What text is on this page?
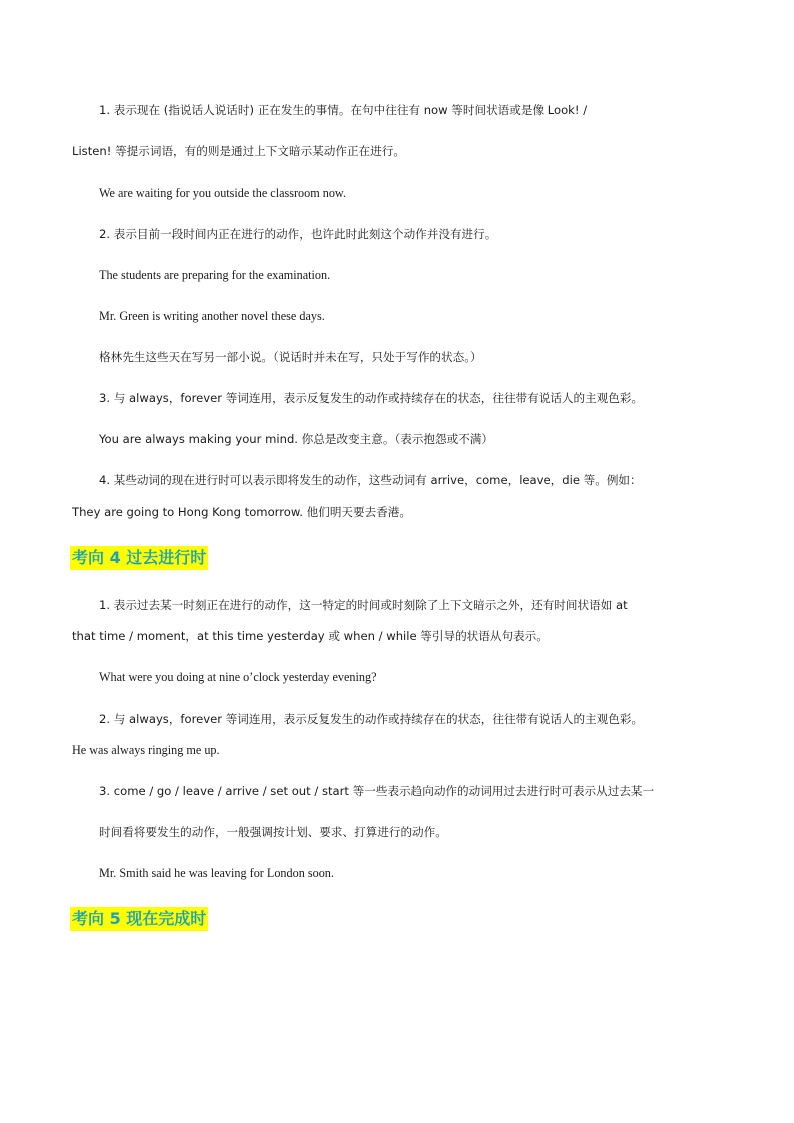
1. 表示现在 (指说话人说话时) 正在发生的事情。在句中往往有 now 等时间状语或是像 Look! /
Listen! 等提示词语，有的则是通过上下文暗示某动作正在进行。
We are waiting for you outside the classroom now.
2. 表示目前一段时间内正在进行的动作，也许此时此刻这个动作并没有进行。
The students are preparing for the examination.
Mr. Green is writing another novel these days.
格林先生这些天在写另一部小说。（说话时并未在写，只处于写作的状态。）
3. 与 always，forever 等词连用，表示反复发生的动作或持续存在的状态，往往带有说话人的主观色彩。
You are always making your mind. 你总是改变主意。（表示抱怨或不满）
4. 某些动词的现在进行时可以表示即将发生的动作，这些动词有 arrive，come，leave，die 等。例如：
They are going to Hong Kong tomorrow. 他们明天要去香港。
考向 4 过去进行时
1. 表示过去某一时刻正在进行的动作，这一特定的时间或时刻除了上下文暗示之外，还有时间状语如 at
that time / moment，at this time yesterday 或 when / while 等引导的状语从句表示。
What were you doing at nine o’clock yesterday evening?
2. 与 always，forever 等词连用，表示反复发生的动作或持续存在的状态，往往带有说话人的主观色彩。
He was always ringing me up.
3. come / go / leave / arrive / set out / start 等一些表示趋向动作的动词用过去进行时可表示从过去某一
时间看将要发生的动作，一般强调按计划、要求、打算进行的动作。
Mr. Smith said he was leaving for London soon.
考向 5 现在完成时
